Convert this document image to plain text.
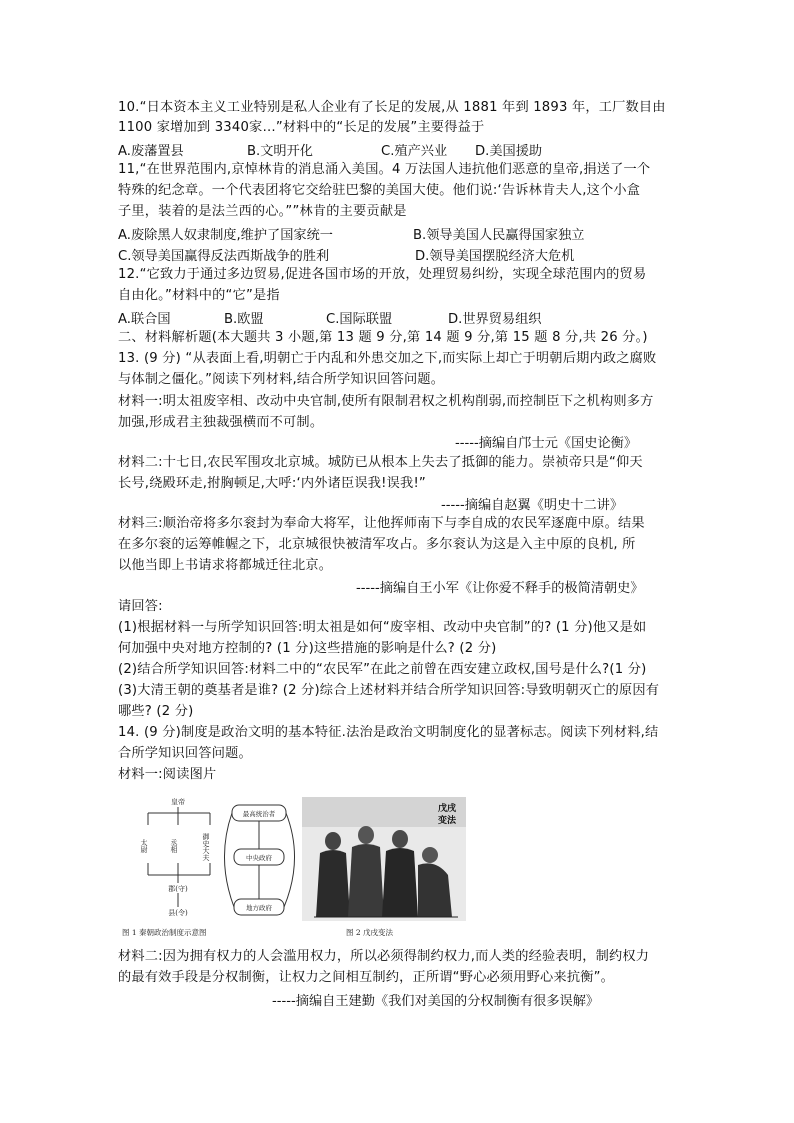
10.“日本资本主义工业特别是私人企业有了长足的发展,从 1881 年到 1893 年，工厂数目由
1100 家增加到 3340家…”材料中的“长足的发展”主要得益于
A.废藩置县	B.文明开化	C.殖产兴业 D.美国援助
11,“在世界范围内,京悼林肯的消息涌入美国。4 万法国人违抗他们恶意的皇帝,捐送了一个
特殊的纪念章。一个代表团将它交给驻巴黎的美国大使。他们说:‘告诉林肯夫人,这个小盒
子里，装着的是法兰西的心。””林肯的主要贡献是
A.废除黑人奴隶制度,维护了国家统一	B.领导美国人民赢得国家独立
C.领导美国赢得反法西斯战争的胜利	D.领导美国摆脱经济大危机
12.“它致力于通过多边贸易,促进各国市场的开放，处理贸易纠纷，实现全球范围内的贸易
自由化。”材料中的“它”是指
A.联合国	B.欧盟	C.国际联盟	D.世界贸易组织
二、材料解析题(本大题共 3 小题,第 13 题 9 分,第 14 题 9 分,第 15 题 8 分,共 26 分。)
13. (9 分) “从表面上看,明朝亡于内乱和外患交加之下,而实际上却亡于明朝后期内政之腐败
与体制之僵化。”阅读下列材料,结合所学知识回答问题。
材料一:明太祖废宰相、改动中央官制,使所有限制君权之机构削弱,而控制臣下之机构则多方
加强,形成君主独裁强横而不可制。
-----摘编自邝士元《国史论衡》
材料二:十七日,农民军围攻北京城。城防已从根本上失去了抵御的能力。崇祯帝只是“仰天
长号,绕殿环走,拊胸顿足,大呼:‘内外诸臣误我!误我!”
-----摘编自赵翼《明史十二讲》
材料三:顺治帝将多尔衮封为奉命大将军，让他挥师南下与李自成的农民军逐鹿中原。结果
在多尔衮的运筹帷幄之下，北京城很快被清军攻占。多尔衮认为这是入主中原的良机, 所
以他当即上书请求将都城迁往北京。
-----摘编自王小军《让你爱不释手的极简清朝史》
请回答:
(1)根据材料一与所学知识回答:明太祖是如何“废宰相、改动中央官制”的? (1 分)他又是如
何加强中央对地方控制的? (1 分)这些措施的影响是什么? (2 分)
(2)结合所学知识回答:材料二中的“农民军”在此之前曾在西安建立政权,国号是什么?(1 分)
(3)大清王朝的奠基者是谁? (2 分)综合上述材料并结合所学知识回答:导致明朝灭亡的原因有
哪些? (2 分)
14. (9 分)制度是政治文明的基本特征.法治是政治文明制度化的显著标志。阅读下列材料,结
合所学知识回答问题。
材料一:阅读图片
皇帝
太尉	丞相	御史大夫
郡(守)
县(令)
最高统治者
中央政府
地方政府
戊戌
变法
图 1 秦朝政治制度示意图	图 2 戊戌变法
材料二:因为拥有权力的人会滥用权力，所以必须得制约权力,而人类的经验表明，制约权力
的最有效手段是分权制衡，让权力之间相互制约，正所谓“野心必须用野心来抗衡”。
-----摘编自王建勤《我们对美国的分权制衡有很多误解》
